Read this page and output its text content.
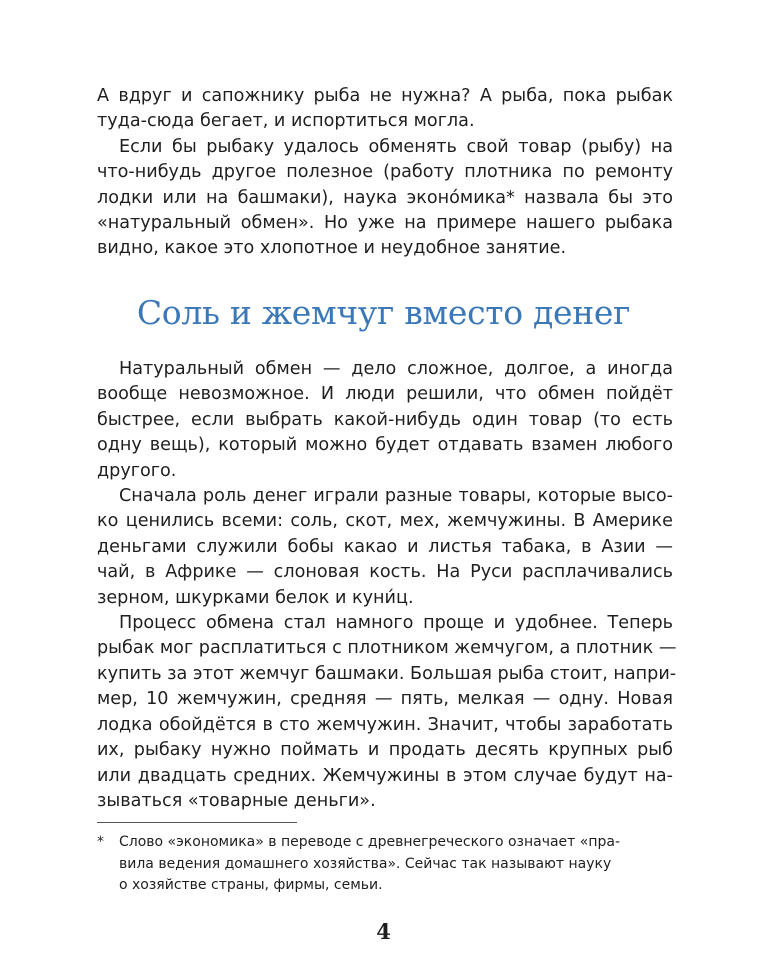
А вдруг и сапожнику рыба не нужна? А рыба, пока рыбак
туда-сюда бегает, и испортиться могла.

Если бы рыбаку удалось обменять свой товар (рыбу) на
что-нибудь другое полезное (работу плотника по ремонту
лодки или на башмаки), наука эконóмика* назвала бы это
«натуральный обмен». Но уже на примере нашего рыбака
видно, какое это хлопотное и неудобное занятие.

Соль и жемчуг вместо денег

Натуральный обмен — дело сложное, долгое, а иногда
вообще невозможное. И люди решили, что обмен пойдёт
быстрее, если выбрать какой-нибудь один товар (то есть
одну вещь), который можно будет отдавать взамен любого
другого.

Сначала роль денег играли разные товары, которые высо-
ко ценились всеми: соль, скот, мех, жемчужины. В Америке
деньгами служили бобы какао и листья табака, в Азии —
чай, в Африке — слоновая кость. На Руси расплачивались
зерном, шкурками белок и куни́ц.

Процесс обмена стал намного проще и удобнее. Теперь
рыбак мог расплатиться с плотником жемчугом, а плотник —
купить за этот жемчуг башмаки. Большая рыба стоит, напри-
мер, 10 жемчужин, средняя — пять, мелкая — одну. Новая
лодка обойдётся в сто жемчужин. Значит, чтобы заработать
их, рыбаку нужно поймать и продать десять крупных рыб
или двадцать средних. Жемчужины в этом случае будут на-
зываться «товарные деньги».

* Слово «экономика» в переводе с древнегреческого означает «пра-
вила ведения домашнего хозяйства». Сейчас так называют науку
о хозяйстве страны, фирмы, семьи.
4
